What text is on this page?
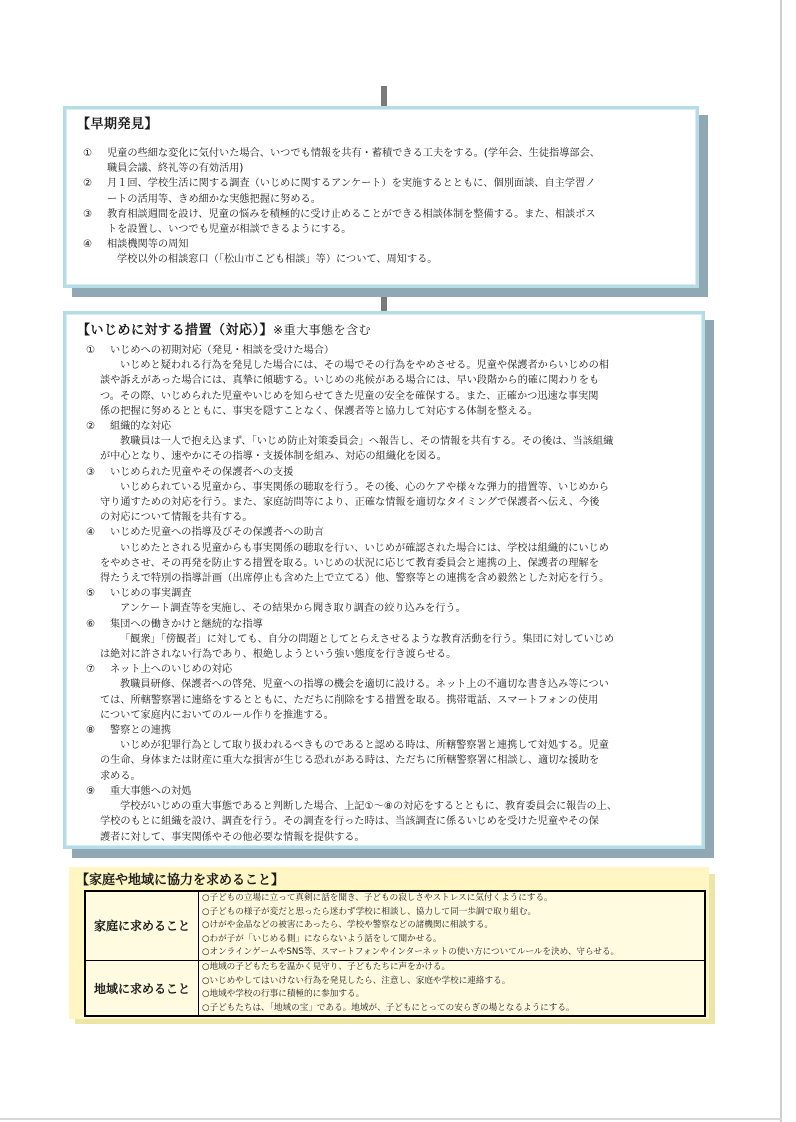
【早期発見】
① 児童の些細な変化に気付いた場合、いつでも情報を共有・蓄積できる工夫をする。(学年会、生徒指導部会、
職員会議、終礼等の有効活用)
② 月１回、学校生活に関する調査（いじめに関するアンケート）を実施するとともに、個別面談、自主学習ノ
ートの活用等、きめ細かな実態把握に努める。
③ 教育相談週間を設け、児童の悩みを積極的に受け止めることができる相談体制を整備する。また、相談ポス
トを設置し、いつでも児童が相談できるようにする。
④ 相談機関等の周知
学校以外の相談窓口（「松山市こども相談」等）について、周知する。
【いじめに対する措置（対応）】※重大事態を含む
① いじめへの初期対応（発見・相談を受けた場合）
いじめと疑われる行為を発見した場合には、その場でその行為をやめさせる。児童や保護者からいじめの相
談や訴えがあった場合には、真摯に傾聴する。いじめの兆候がある場合には、早い段階から的確に関わりをも
つ。その際、いじめられた児童やいじめを知らせてきた児童の安全を確保する。また、正確かつ迅速な事実関
係の把握に努めるとともに、事実を隠すことなく、保護者等と協力して対応する体制を整える。
② 組織的な対応
教職員は一人で抱え込まず、「いじめ防止対策委員会」へ報告し、その情報を共有する。その後は、当該組織
が中心となり、速やかにその指導・支援体制を組み、対応の組織化を図る。
③ いじめられた児童やその保護者への支援
いじめられている児童から、事実関係の聴取を行う。その後、心のケアや様々な弾力的措置等、いじめから
守り通すための対応を行う。また、家庭訪問等により、正確な情報を適切なタイミングで保護者へ伝え、今後
の対応について情報を共有する。
④ いじめた児童への指導及びその保護者への助言
いじめたとされる児童からも事実関係の聴取を行い、いじめが確認された場合には、学校は組織的にいじめ
をやめさせ、その再発を防止する措置を取る。いじめの状況に応じて教育委員会と連携の上、保護者の理解を
得たうえで特別の指導計画（出席停止も含めた上で立てる）他、警察等との連携を含め毅然とした対応を行う。
⑤ いじめの事実調査
アンケート調査等を実施し、その結果から聞き取り調査の絞り込みを行う。
⑥ 集団への働きかけと継続的な指導
「観衆」「傍観者」に対しても、自分の問題としてとらえさせるような教育活動を行う。集団に対していじめ
は絶対に許されない行為であり、根絶しようという強い態度を行き渡らせる。
⑦ ネット上へのいじめの対応
教職員研修、保護者への啓発、児童への指導の機会を適切に設ける。ネット上の不適切な書き込み等につい
ては、所轄警察署に連絡をするとともに、ただちに削除をする措置を取る。携帯電話、スマートフォンの使用
について家庭内においてのルール作りを推進する。
⑧ 警察との連携
いじめが犯罪行為として取り扱われるべきものであると認める時は、所轄警察署と連携して対処する。児童
の生命、身体または財産に重大な損害が生じる恐れがある時は、ただちに所轄警察署に相談し、適切な援助を
求める。
⑨ 重大事態への対処
学校がいじめの重大事態であると判断した場合、上記①～⑧の対応をするとともに、教育委員会に報告の上、
学校のもとに組織を設け、調査を行う。その調査を行った時は、当該調査に係るいじめを受けた児童やその保
護者に対して、事実関係やその他必要な情報を提供する。
【家庭や地域に協力を求めること】
家庭に求めること	○子どもの立場に立って真剣に話を聞き、子どもの寂しさやストレスに気付くようにする。
○子どもの様子が変だと思ったら迷わず学校に相談し、協力して同一歩調で取り組む。
○けがや金品などの被害にあったら、学校や警察などの諸機関に相談する。
○わが子が「いじめる側」にならないよう話をして聞かせる。
○オンラインゲームやSNS等、スマートフォンやインターネットの使い方についてルールを決め、守らせる。

地域に求めること	○地域の子どもたちを温かく見守り、子どもたちに声をかける。
○いじめやしてはいけない行為を発見したら、注意し、家庭や学校に連絡する。
○地域や学校の行事に積極的に参加する。
○子どもたちは、「地域の宝」である。地域が、子どもにとっての安らぎの場となるようにする。
